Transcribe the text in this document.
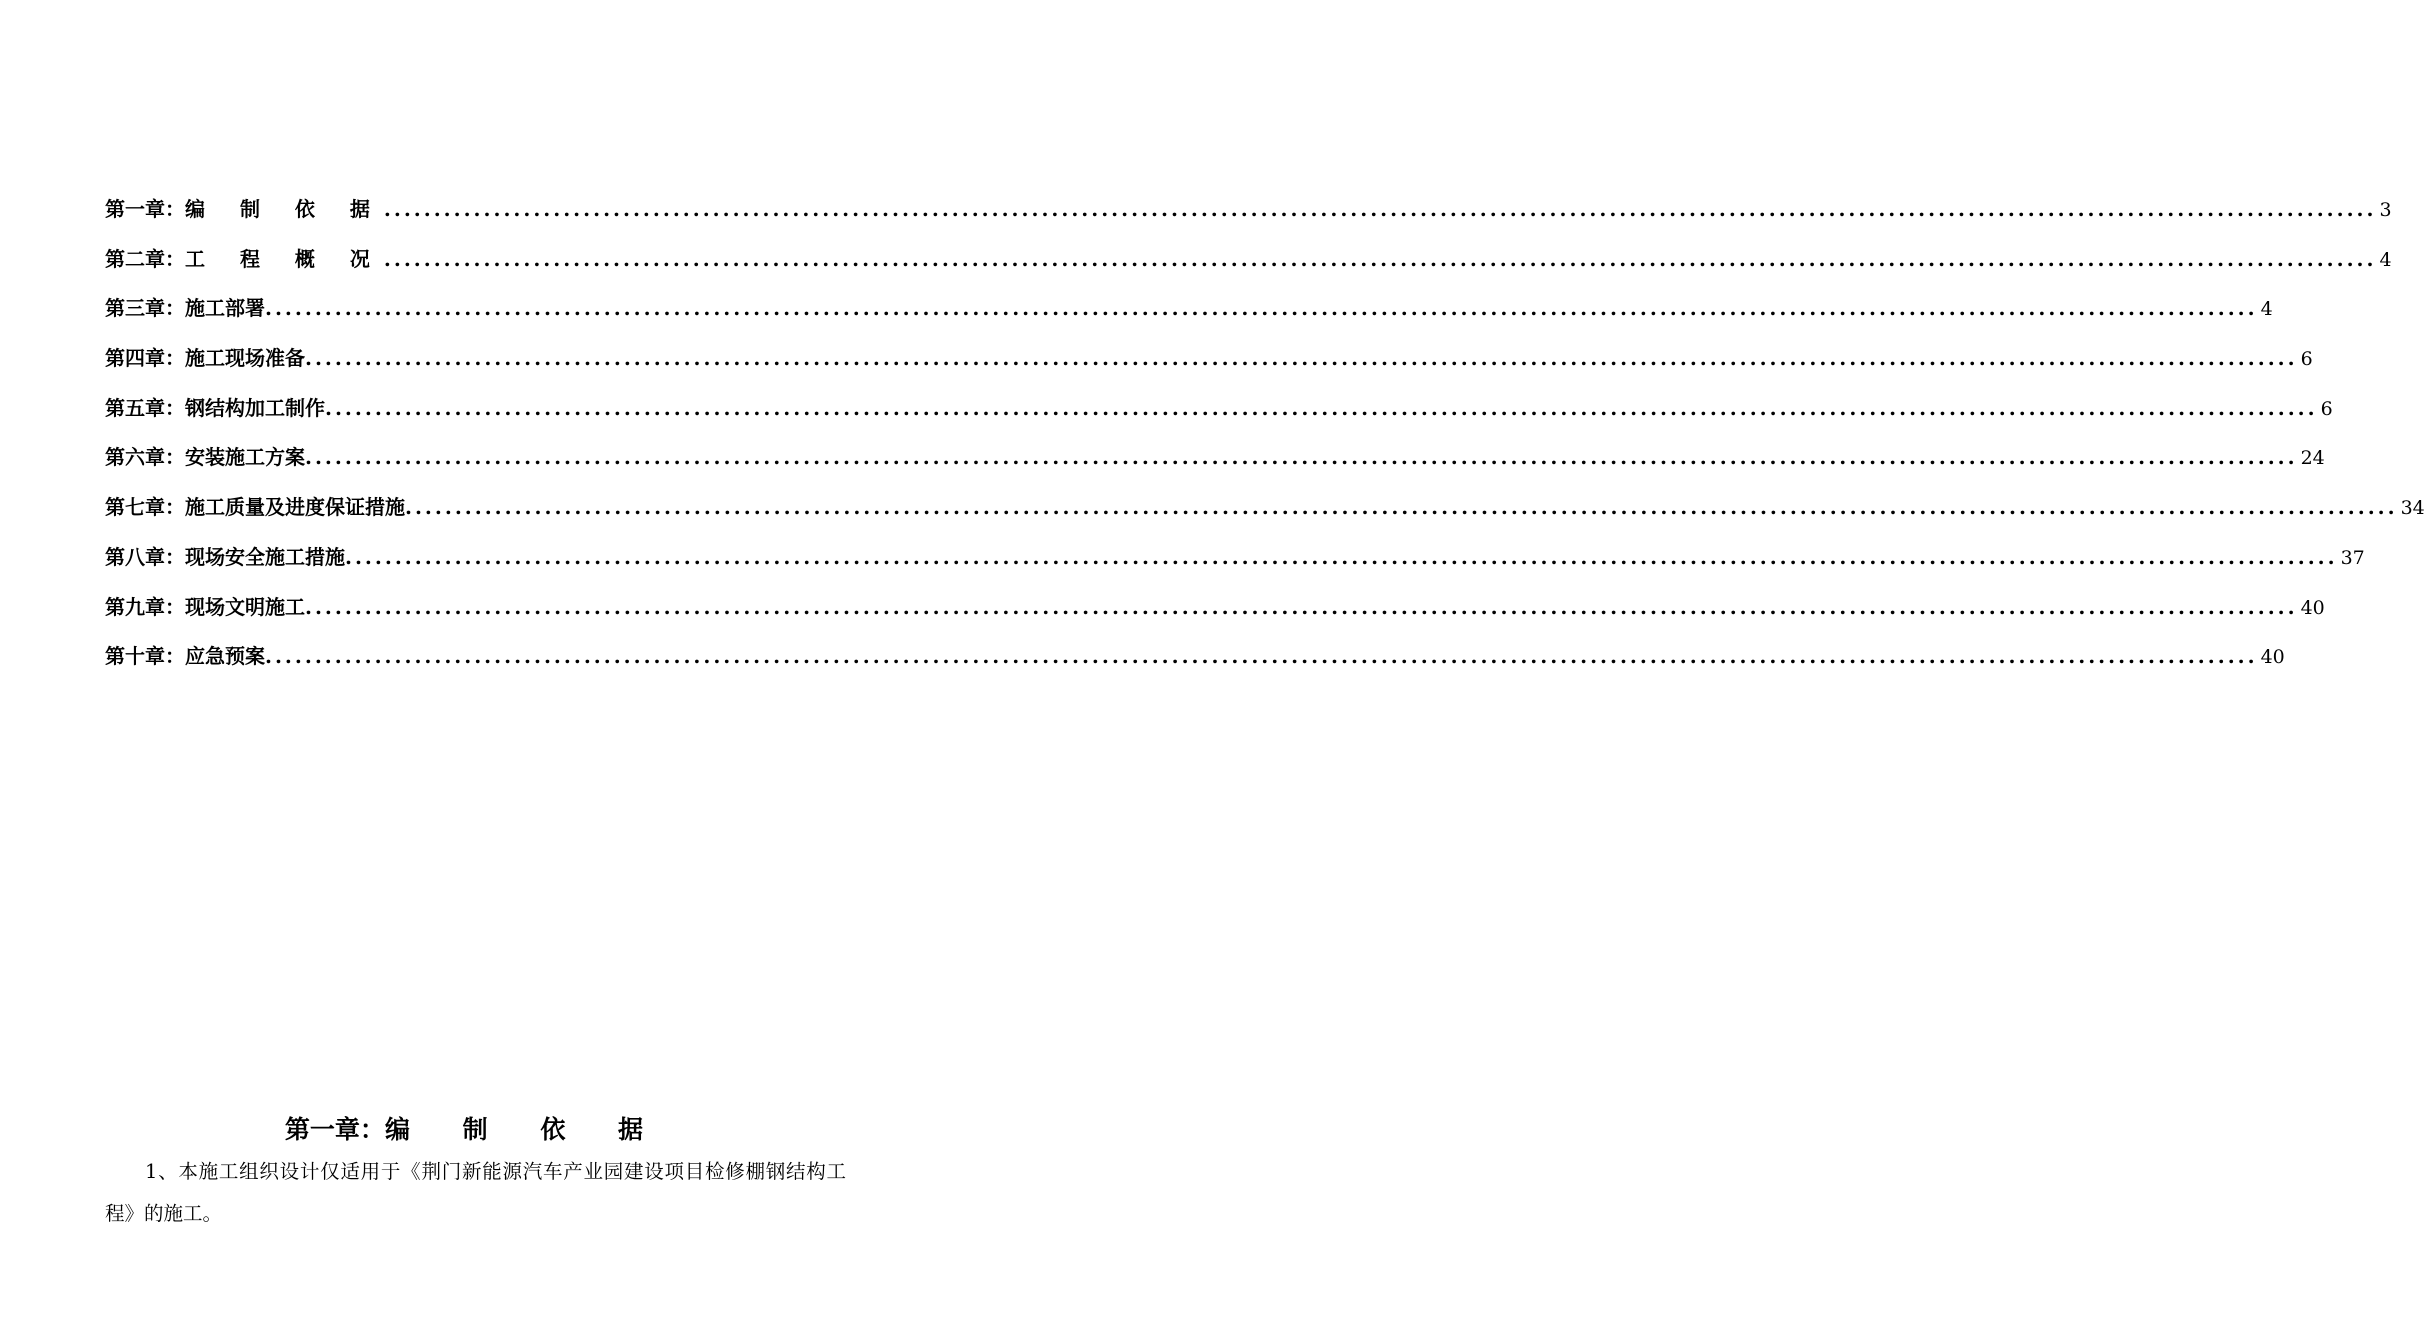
第一章： 编 制 依 据 ........................................................................................................................................................................................................ 3
第二章： 工 程 概 况 ........................................................................................................................................................................................................ 4
第三章： 施工部署 ........................................................................................................................................................................................................ 4
第四章： 施工现场准备 ........................................................................................................................................................................................................ 6
第五章： 钢结构加工制作 ........................................................................................................................................................................................................ 6
第六章： 安装施工方案 ........................................................................................................................................................................................................ 24
第七章： 施工质量及进度保证措施 ........................................................................................................................................................................................................ 34
第八章： 现场安全施工措施 ........................................................................................................................................................................................................ 37
第九章： 现场文明施工 ........................................................................................................................................................................................................ 40
第十章： 应急预案 ........................................................................................................................................................................................................ 40
第一章：编 制 依 据
1、本施工组织设计仅适用于《荆门新能源汽车产业园建设项目检修棚钢结构工程》的施工。
